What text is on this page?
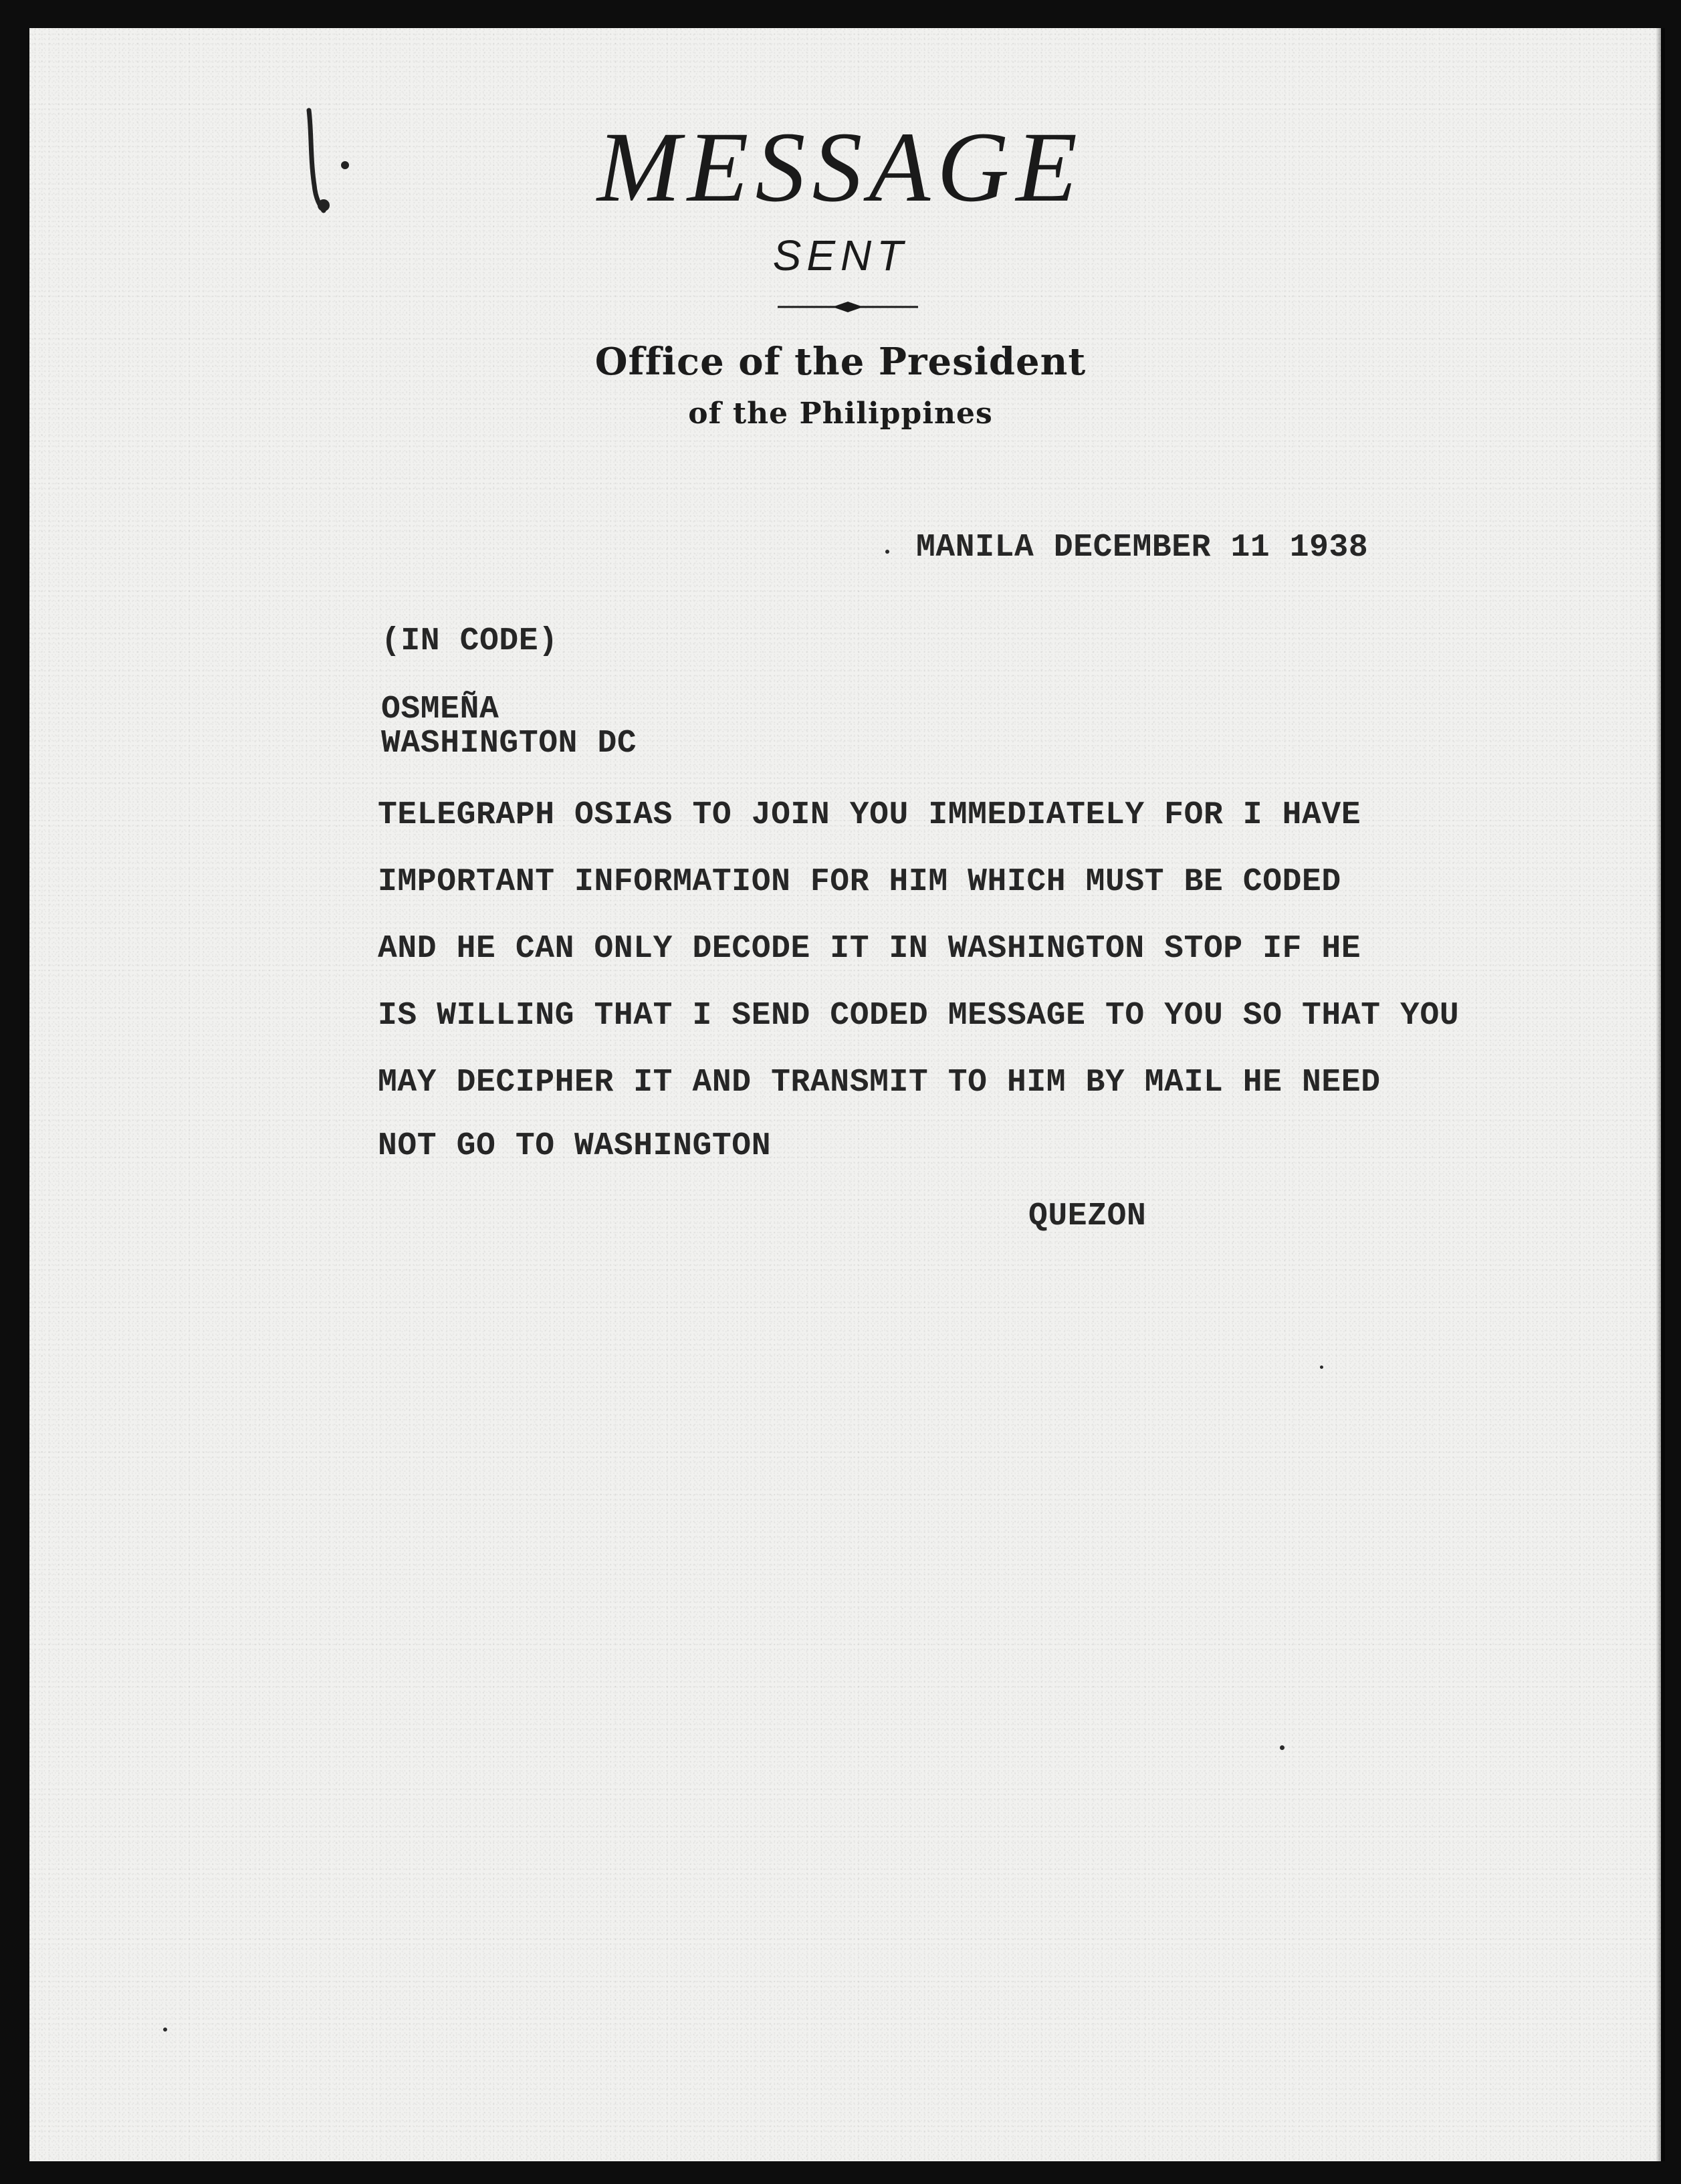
MESSAGE
SENT
Office of the President
of the Philippines
MANILA DECEMBER 11 1938
(IN CODE)
OSMEÑA
WASHINGTON DC
TELEGRAPH OSIAS TO JOIN YOU IMMEDIATELY FOR I HAVE
IMPORTANT INFORMATION FOR HIM WHICH MUST BE CODED
AND HE CAN ONLY DECODE IT IN WASHINGTON STOP IF HE
IS WILLING THAT I SEND CODED MESSAGE TO YOU SO THAT YOU
MAY DECIPHER IT AND TRANSMIT TO HIM BY MAIL HE NEED
NOT GO TO WASHINGTON
QUEZON
